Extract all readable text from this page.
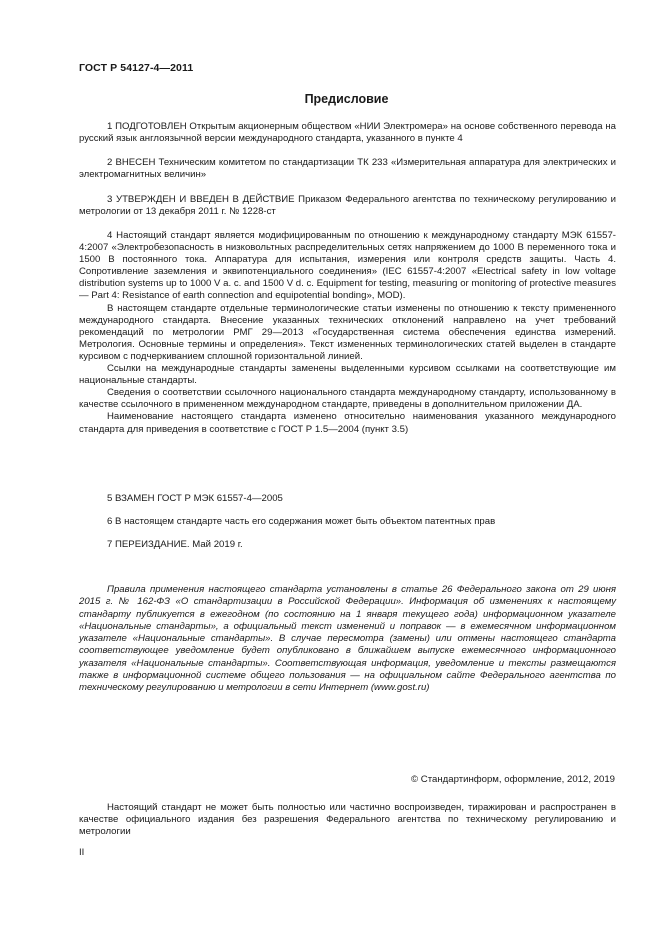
ГОСТ Р 54127-4—2011
Предисловие

1 ПОДГОТОВЛЕН Открытым акционерным обществом «НИИ Электромера» на основе собственного перевода на русский язык англоязычной версии международного стандарта, указанного в пункте 4

2 ВНЕСЕН Техническим комитетом по стандартизации ТК 233 «Измерительная аппаратура для электрических и электромагнитных величин»

3 УТВЕРЖДЕН И ВВЕДЕН В ДЕЙСТВИЕ Приказом Федерального агентства по техническому регулированию и метрологии от 13 декабря 2011 г. № 1228-ст

4 Настоящий стандарт является модифицированным по отношению к международному стандарту МЭК 61557-4:2007 «Электробезопасность в низковольтных распределительных сетях напряжением до 1000 В переменного тока и 1500 В постоянного тока. Аппаратура для испытания, измерения или контроля средств защиты. Часть 4. Сопротивление заземления и эквипотенциального соединения» (IEC 61557-4:2007 «Electrical safety in low voltage distribution systems up to 1000 V a. c. and 1500 V d. c. Equipment for testing, measuring or monitoring of protective measures — Part 4: Resistance of earth connection and equipotential bonding», MOD).

В настоящем стандарте отдельные терминологические статьи изменены по отношению к тексту примененного международного стандарта. Внесение указанных технических отклонений направлено на учет требований рекомендаций по метрологии РМГ 29—2013 «Государственная система обеспечения единства измерений. Метрология. Основные термины и определения». Текст измененных терминологических статей выделен в стандарте курсивом с подчеркиванием сплошной горизонтальной линией.

Ссылки на международные стандарты заменены выделенными курсивом ссылками на соответствующие им национальные стандарты.

Сведения о соответствии ссылочного национального стандарта международному стандарту, использованному в качестве ссылочного в примененном международном стандарте, приведены в дополнительном приложении ДА.

Наименование настоящего стандарта изменено относительно наименования указанного международного стандарта для приведения в соответствие с ГОСТ Р 1.5—2004 (пункт 3.5)

5 ВЗАМЕН ГОСТ Р МЭК 61557-4—2005

6 В настоящем стандарте часть его содержания может быть объектом патентных прав

7 ПЕРЕИЗДАНИЕ. Май 2019 г.

Правила применения настоящего стандарта установлены в статье 26 Федерального закона от 29 июня 2015 г. № 162-ФЗ «О стандартизации в Российской Федерации». Информация об изменениях к настоящему стандарту публикуется в ежегодном (по состоянию на 1 января текущего года) информационном указателе «Национальные стандарты», а официальный текст изменений и поправок — в ежемесячном информационном указателе «Национальные стандарты». В случае пересмотра (замены) или отмены настоящего стандарта соответствующее уведомление будет опубликовано в ближайшем выпуске ежемесячного информационного указателя «Национальные стандарты». Соответствующая информация, уведомление и тексты размещаются также в информационной системе общего пользования — на официальном сайте Федерального агентства по техническому регулированию и метрологии в сети Интернет (www.gost.ru)

© Стандартинформ, оформление, 2012, 2019

Настоящий стандарт не может быть полностью или частично воспроизведен, тиражирован и распространен в качестве официального издания без разрешения Федерального агентства по техническому регулированию и метрологии

II
